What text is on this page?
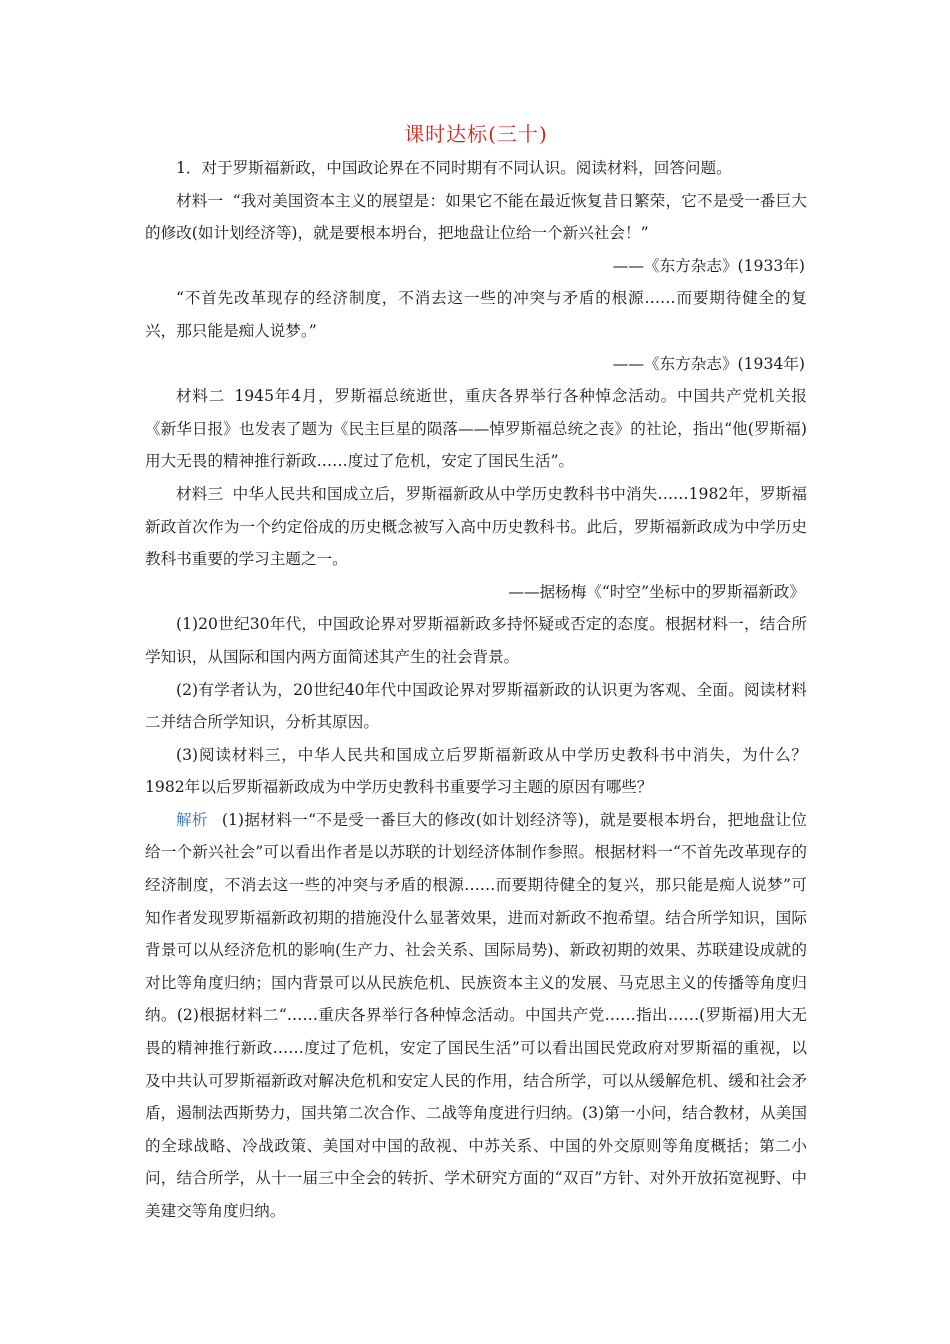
课时达标(三十)

1．对于罗斯福新政，中国政论界在不同时期有不同认识。阅读材料，回答问题。

材料一 “我对美国资本主义的展望是：如果它不能在最近恢复昔日繁荣，它不是受一番巨大的修改(如计划经济等)，就是要根本坍台，把地盘让位给一个新兴社会！”

——《东方杂志》(1933年)

“不首先改革现存的经济制度，不消去这一些的冲突与矛盾的根源……而要期待健全的复兴，那只能是痴人说梦。”

——《东方杂志》(1934年)

材料二 1945年4月，罗斯福总统逝世，重庆各界举行各种悼念活动。中国共产党机关报《新华日报》也发表了题为《民主巨星的陨落——悼罗斯福总统之丧》的社论，指出“他(罗斯福)用大无畏的精神推行新政……度过了危机，安定了国民生活”。

材料三 中华人民共和国成立后，罗斯福新政从中学历史教科书中消失……1982年，罗斯福新政首次作为一个约定俗成的历史概念被写入高中历史教科书。此后，罗斯福新政成为中学历史教科书重要的学习主题之一。

——据杨梅《“时空”坐标中的罗斯福新政》

(1)20世纪30年代，中国政论界对罗斯福新政多持怀疑或否定的态度。根据材料一，结合所学知识，从国际和国内两方面简述其产生的社会背景。

(2)有学者认为，20世纪40年代中国政论界对罗斯福新政的认识更为客观、全面。阅读材料二并结合所学知识，分析其原因。

(3)阅读材料三，中华人民共和国成立后罗斯福新政从中学历史教科书中消失，为什么？1982年以后罗斯福新政成为中学历史教科书重要学习主题的原因有哪些？

解析 (1)据材料一“不是受一番巨大的修改(如计划经济等)，就是要根本坍台，把地盘让位给一个新兴社会”可以看出作者是以苏联的计划经济体制作参照。根据材料一“不首先改革现存的经济制度，不消去这一些的冲突与矛盾的根源……而要期待健全的复兴，那只能是痴人说梦”可知作者发现罗斯福新政初期的措施没什么显著效果，进而对新政不抱希望。结合所学知识，国际背景可以从经济危机的影响(生产力、社会关系、国际局势)、新政初期的效果、苏联建设成就的对比等角度归纳；国内背景可以从民族危机、民族资本主义的发展、马克思主义的传播等角度归纳。(2)根据材料二“……重庆各界举行各种悼念活动。中国共产党……指出……(罗斯福)用大无畏的精神推行新政……度过了危机，安定了国民生活”可以看出国民党政府对罗斯福的重视，以及中共认可罗斯福新政对解决危机和安定人民的作用，结合所学，可以从缓解危机、缓和社会矛盾，遏制法西斯势力，国共第二次合作、二战等角度进行归纳。(3)第一小问，结合教材，从美国的全球战略、冷战政策、美国对中国的敌视、中苏关系、中国的外交原则等角度概括；第二小问，结合所学，从十一届三中全会的转折、学术研究方面的“双百”方针、对外开放拓宽视野、中美建交等角度归纳。
